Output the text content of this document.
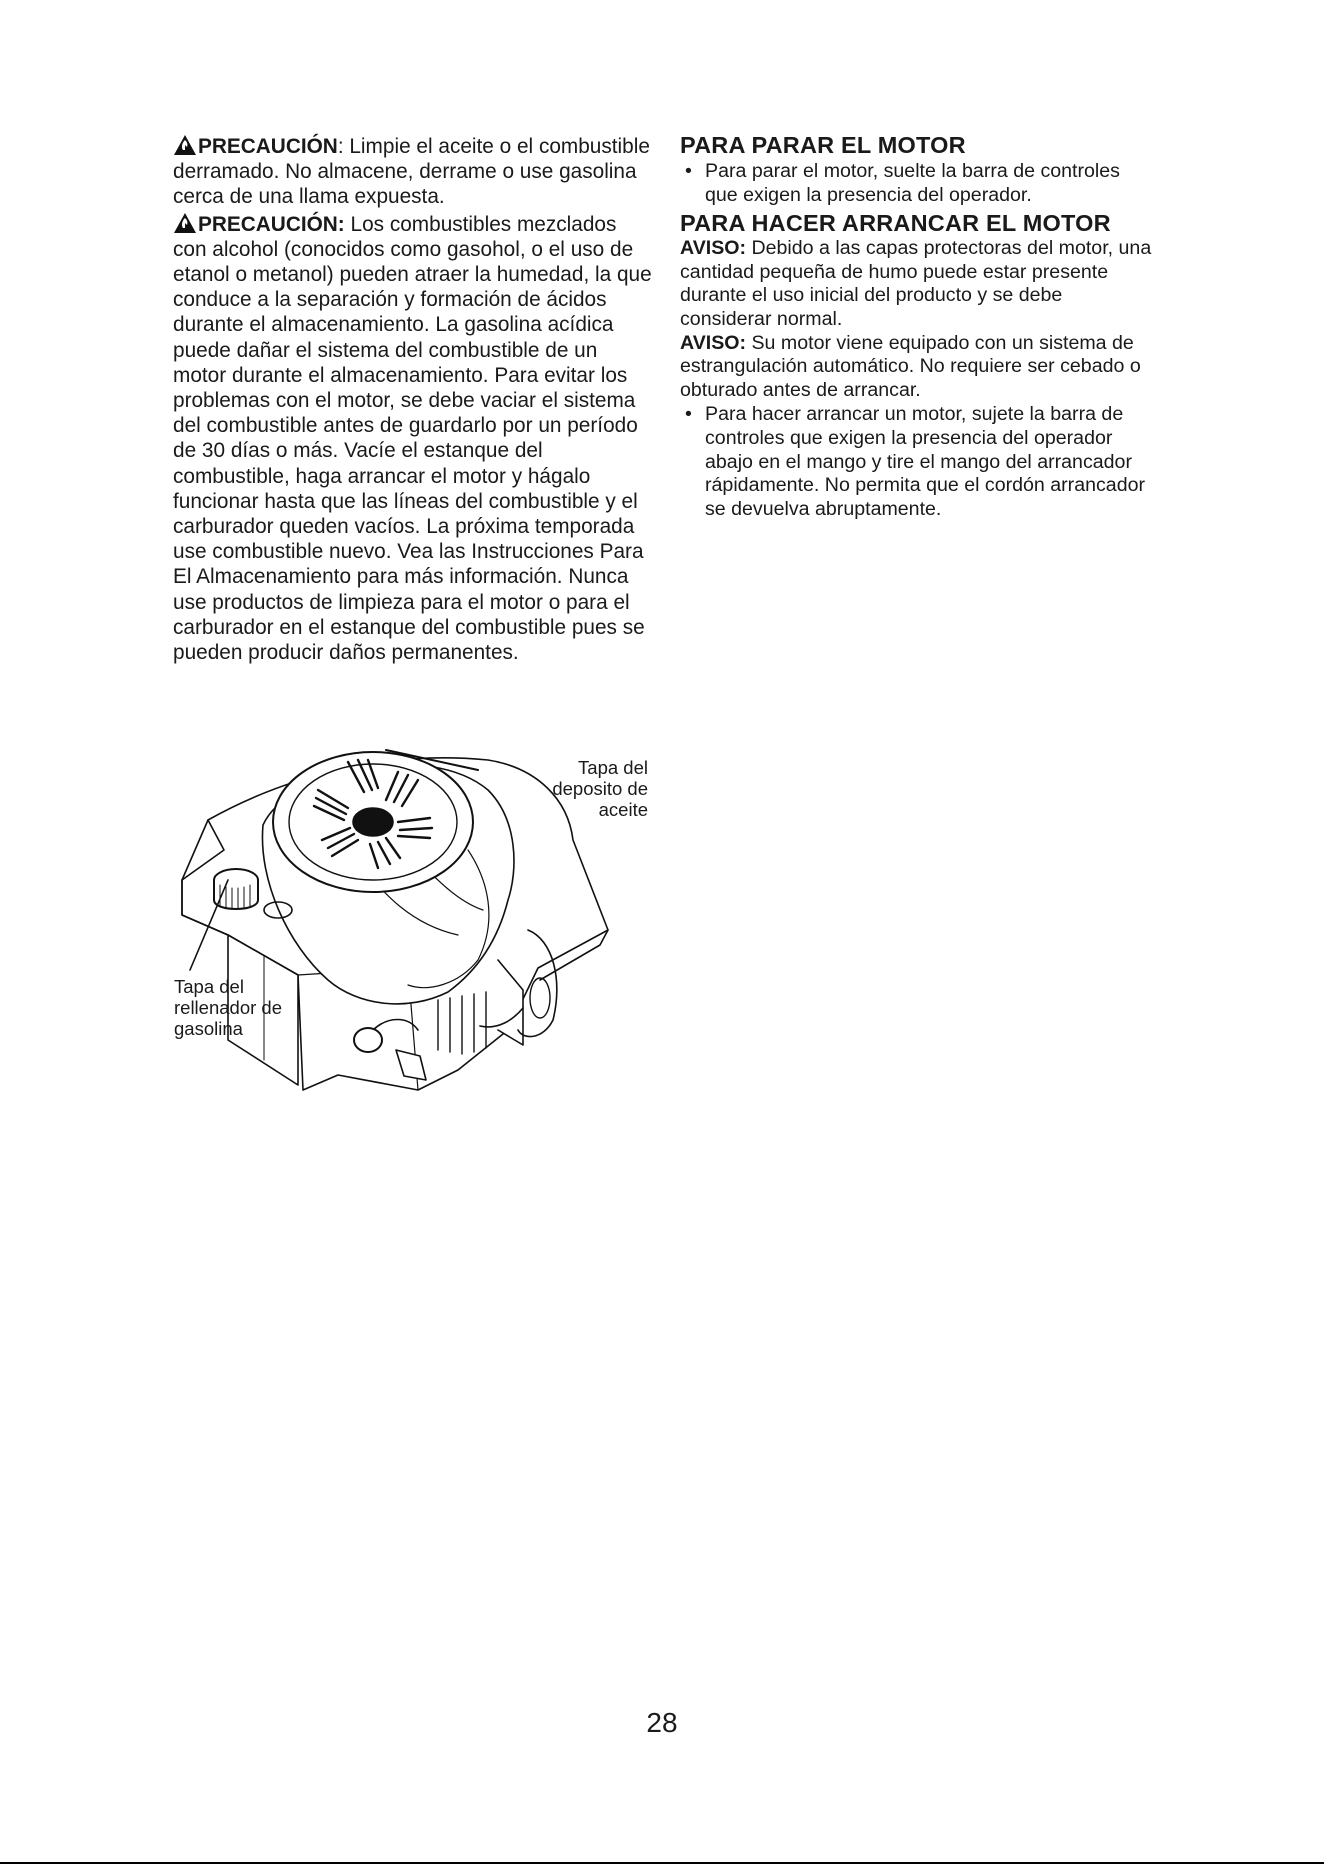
PRECAUCIÓN: Limpie el aceite o el combustible derramado. No almacene, derrame o use gasolina cerca de una llama expuesta.

PRECAUCIÓN: Los combustibles mezclados con alcohol (conocidos como gasohol, o el uso de etanol o metanol) pueden atraer la humedad, la que conduce a la separación y formación de ácidos durante el almacenamiento. La gasolina acídica puede dañar el sistema del combustible de un motor durante el almacenamiento. Para evitar los problemas con el motor, se debe vaciar el sistema del combustible antes de guardarlo por un período de 30 días o más. Vacíe el estanque del combustible, haga arrancar el motor y hágalo funcionar hasta que las líneas del combustible y el carburador queden vacíos. La próxima temporada use combustible nuevo. Vea las Instrucciones Para El Almacenamiento para más información. Nunca use productos de limpieza para el motor o para el carburador en el estanque del combustible pues se pueden producir daños permanentes.

Tapa del deposito de aceite
Tapa del rellenador de gasolina
PARA PARAR EL MOTOR
• Para parar el motor, suelte la barra de controles que exigen la presencia del operador.
PARA HACER ARRANCAR EL MOTOR

AVISO: Debido a las capas protectoras del motor, una cantidad pequeña de humo puede estar presente durante el uso inicial del producto y se debe considerar normal.

AVISO: Su motor viene equipado con un sistema de estrangulación automático. No requiere ser cebado o obturado antes de arrancar.

• Para hacer arrancar un motor, sujete la barra de controles que exigen la presencia del operador abajo en el mango y tire el mango del arrancador rápidamente. No permita que el cordón arrancador se devuelva abruptamente.
28
